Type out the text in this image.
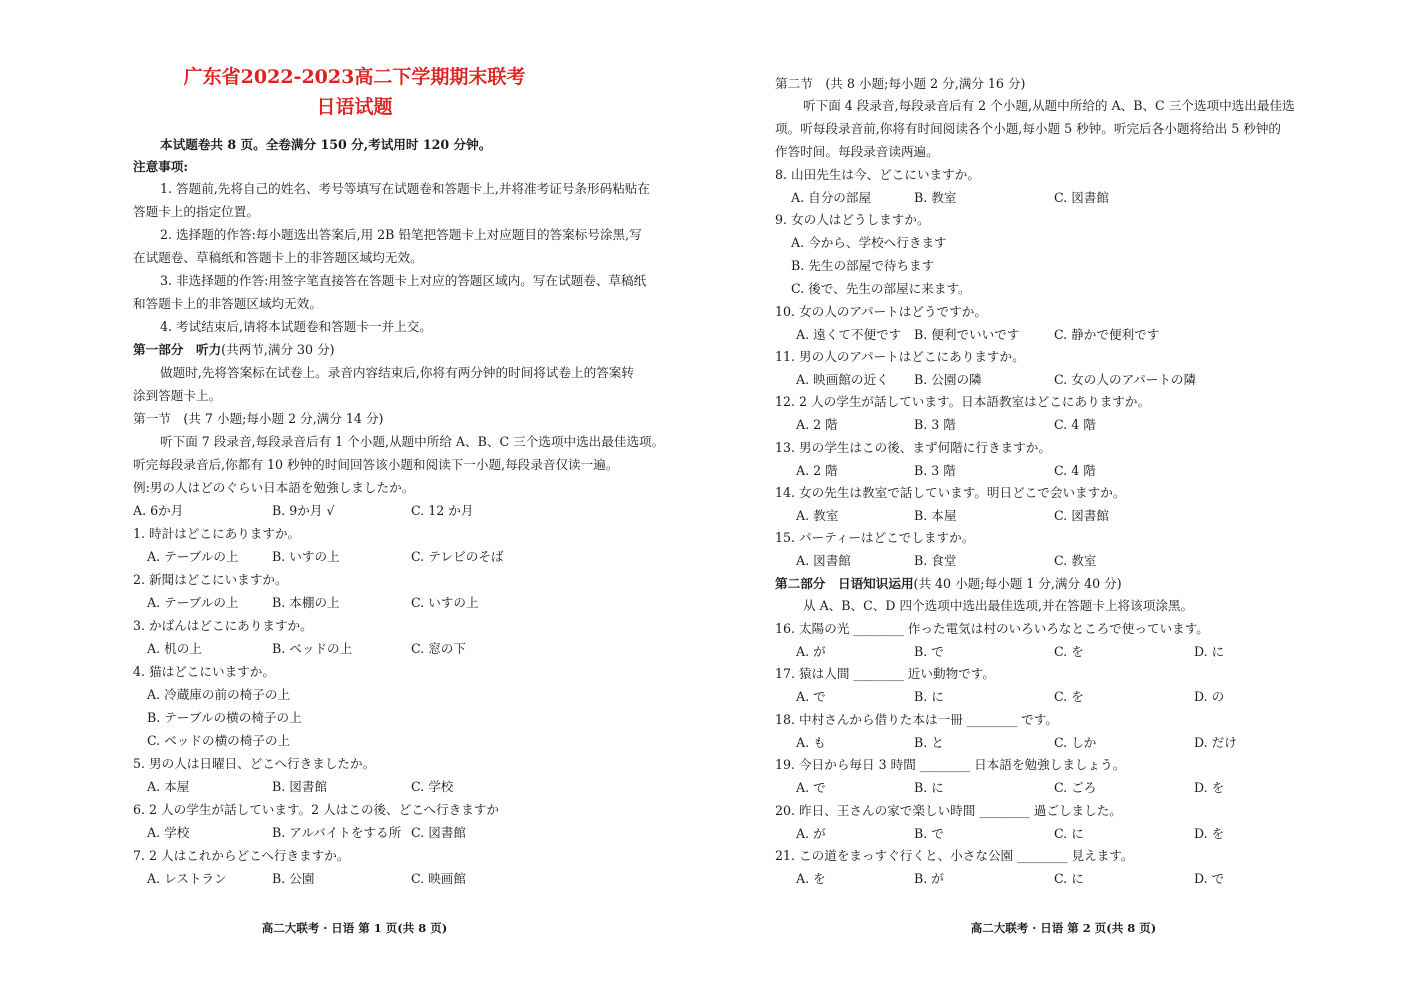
广东省2022-2023高二下学期期末联考
日语试题
本试题卷共 8 页。全卷满分 150 分,考试用时 120 分钟。
注意事项:
1. 答题前,先将自己的姓名、考号等填写在试题卷和答题卡上,并将准考证号条形码粘贴在
答题卡上的指定位置。
2. 选择题的作答:每小题选出答案后,用 2B 铅笔把答题卡上对应题目的答案标号涂黑,写
在试题卷、草稿纸和答题卡上的非答题区域均无效。
3. 非选择题的作答:用签字笔直接答在答题卡上对应的答题区域内。写在试题卷、草稿纸
和答题卡上的非答题区域均无效。
4. 考试结束后,请将本试题卷和答题卡一并上交。
第一部分　听力(共两节,满分 30 分)
做题时,先将答案标在试卷上。录音内容结束后,你将有两分钟的时间将试卷上的答案转
涂到答题卡上。
第一节　(共 7 小题;每小题 2 分,满分 14 分)
听下面 7 段录音,每段录音后有 1 个小题,从题中所给 A、B、C 三个选项中选出最佳选项。
听完每段录音后,你都有 10 秒钟的时间回答该小题和阅读下一小题,每段录音仅读一遍。
例:男の人はどのぐらい日本語を勉強しましたか。
A. 6か月	B. 9か月 √	C. 12 か月
1. 時計はどこにありますか。
A. テーブルの上	B. いすの上	C. テレビのそば
2. 新聞はどこにいますか。
A. テーブルの上	B. 本棚の上	C. いすの上
3. かばんはどこにありますか。
A. 机の上	B. ベッドの上	C. 窓の下
4. 猫はどこにいますか。
A. 冷蔵庫の前の椅子の上
B. テーブルの横の椅子の上
C. ベッドの横の椅子の上
5. 男の人は日曜日、どこへ行きましたか。
A. 本屋	B. 図書館	C. 学校
6. 2 人の学生が話しています。2 人はこの後、どこへ行きますか
A. 学校	B. アルバイトをする所 C. 図書館
7. 2 人はこれからどこへ行きますか。
A. レストラン	B. 公園	C. 映画館
高二大联考 · 日语 第 1 页(共 8 页)
第二节　(共 8 小题;每小题 2 分,满分 16 分)
听下面 4 段录音,每段录音后有 2 个小题,从题中所给的 A、B、C 三个选项中选出最佳选
项。听每段录音前,你将有时间阅读各个小题,每小题 5 秒钟。听完后各小题将给出 5 秒钟的
作答时间。每段录音读两遍。
8. 山田先生は今、どこにいますか。
A. 自分の部屋	B. 教室	C. 図書館
9. 女の人はどうしますか。
A. 今から、学校へ行きます
B. 先生の部屋で待ちます
C. 後で、先生の部屋に来ます。
10. 女の人のアパートはどうですか。
A. 遠くて不便です B. 便利でいいです	C. 静かで便利です
11. 男の人のアパートはどこにありますか。
A. 映画館の近く B. 公園の隣	C. 女の人のアパートの隣
12. 2 人の学生が話しています。日本語教室はどこにありますか。
A. 2 階	B. 3 階	C. 4 階
13. 男の学生はこの後、まず何階に行きますか。
A. 2 階	B. 3 階	C. 4 階
14. 女の先生は教室で話しています。明日どこで会いますか。
A. 教室	B. 本屋	C. 図書館
15. パーティーはどこでしますか。
A. 図書館	B. 食堂	C. 教室
第二部分　日语知识运用(共 40 小题;每小题 1 分,满分 40 分)
从 A、B、C、D 四个选项中选出最佳选项,并在答题卡上将该项涂黑。
16. 太陽の光 ________ 作った電気は村のいろいろなところで使っています。
A. が	B. で	C. を	D. に
17. 猿は人間 ________ 近い動物です。
A. で	B. に	C. を	D. の
18. 中村さんから借りた本は一冊 ________ です。
A. も	B. と	C. しか	D. だけ
19. 今日から毎日 3 時間 ________ 日本語を勉強しましょう。
A. で	B. に	C. ごろ	D. を
20. 昨日、王さんの家で楽しい時間 ________ 過ごしました。
A. が	B. で	C. に	D. を
21. この道をまっすぐ行くと、小さな公園 ________ 見えます。
A. を	B. が	C. に	D. で
高二大联考 · 日语 第 2 页(共 8 页)
